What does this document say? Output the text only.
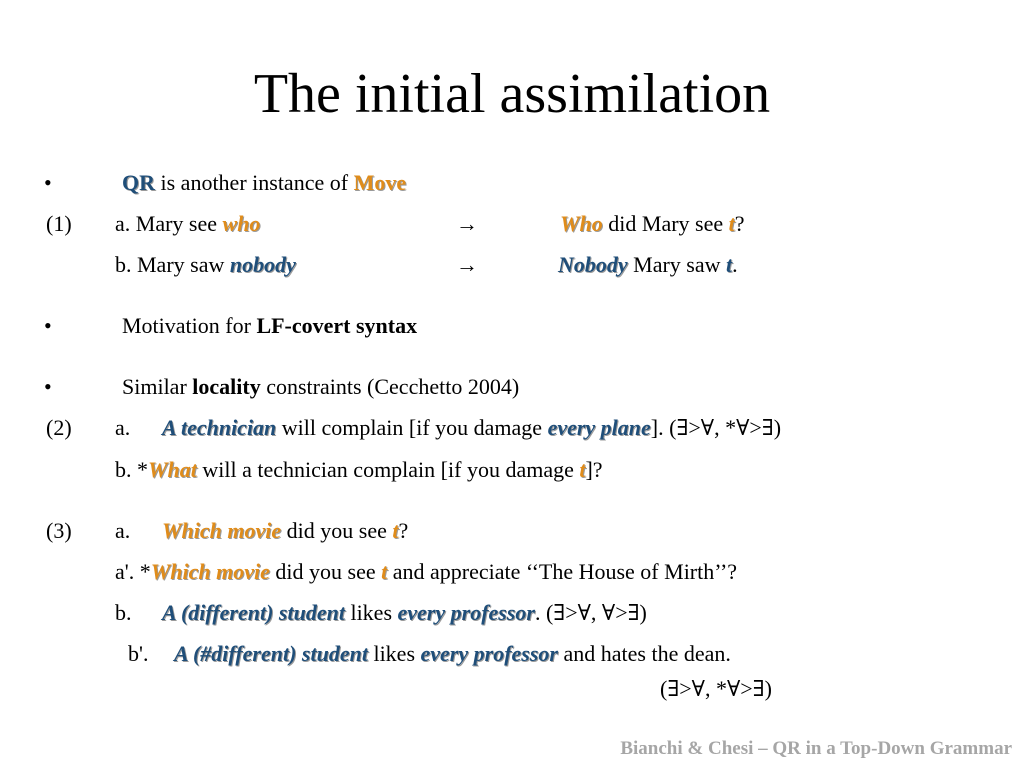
The initial assimilation
•	QR is another instance of Move
(1) a. Mary see who	→	Who did Mary see t?
b. Mary saw nobody	→	Nobody Mary saw t.
•	Motivation for LF-covert syntax
•	Similar locality constraints (Cecchetto 2004)
(2) a. A technician will complain [if you damage every plane]. (∃>∀, *∀>∃)
b. *What will a technician complain [if you damage t]?
(3) a. Which movie did you see t?
a'. *Which movie did you see t and appreciate ‘‘The House of Mirth’’?
b. A (different) student likes every professor. (∃>∀, ∀>∃)
b'. A (#different) student likes every professor and hates the dean.
(∃>∀, *∀>∃)
Bianchi & Chesi – QR in a Top-Down Grammar
